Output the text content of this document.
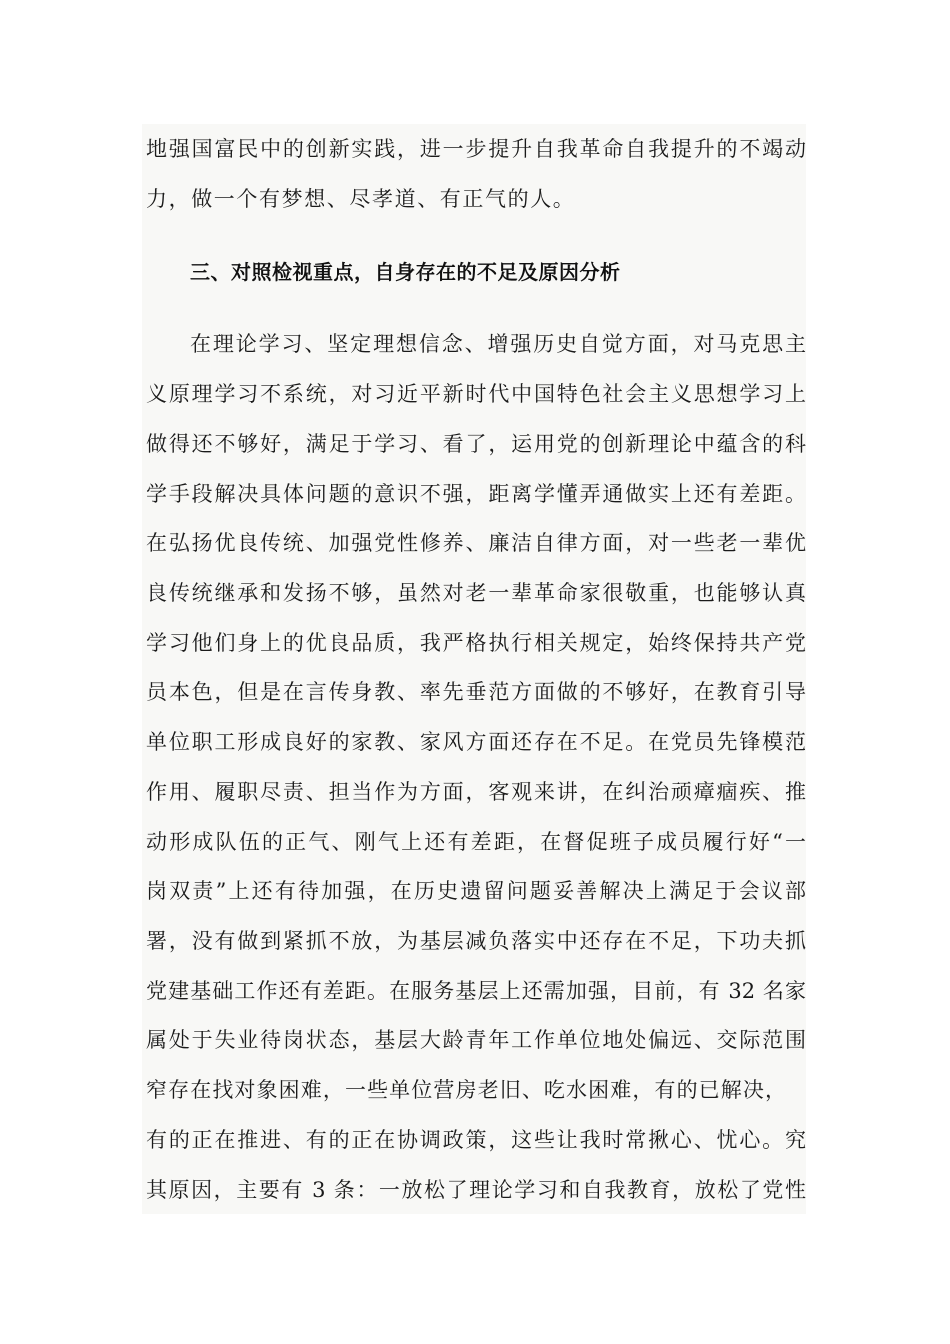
地强国富民中的创新实践，进一步提升自我革命自我提升的不竭动
力，做一个有梦想、尽孝道、有正气的人。
三、对照检视重点，自身存在的不足及原因分析
在理论学习、坚定理想信念、增强历史自觉方面，对马克思主
义原理学习不系统，对习近平新时代中国特色社会主义思想学习上
做得还不够好，满足于学习、看了，运用党的创新理论中蕴含的科
学手段解决具体问题的意识不强，距离学懂弄通做实上还有差距。
在弘扬优良传统、加强党性修养、廉洁自律方面，对一些老一辈优
良传统继承和发扬不够，虽然对老一辈革命家很敬重，也能够认真
学习他们身上的优良品质，我严格执行相关规定，始终保持共产党
员本色，但是在言传身教、率先垂范方面做的不够好，在教育引导
单位职工形成良好的家教、家风方面还存在不足。在党员先锋模范
作用、履职尽责、担当作为方面，客观来讲，在纠治顽瘴痼疾、推
动形成队伍的正气、刚气上还有差距，在督促班子成员履行好“一
岗双责”上还有待加强，在历史遗留问题妥善解决上满足于会议部
署，没有做到紧抓不放，为基层减负落实中还存在不足，下功夫抓
党建基础工作还有差距。在服务基层上还需加强，目前，有 32 名家
属处于失业待岗状态，基层大龄青年工作单位地处偏远、交际范围
窄存在找对象困难，一些单位营房老旧、吃水困难，有的已解决，
有的正在推进、有的正在协调政策，这些让我时常揪心、忧心。究
其原因，主要有 3 条：一放松了理论学习和自我教育，放松了党性
